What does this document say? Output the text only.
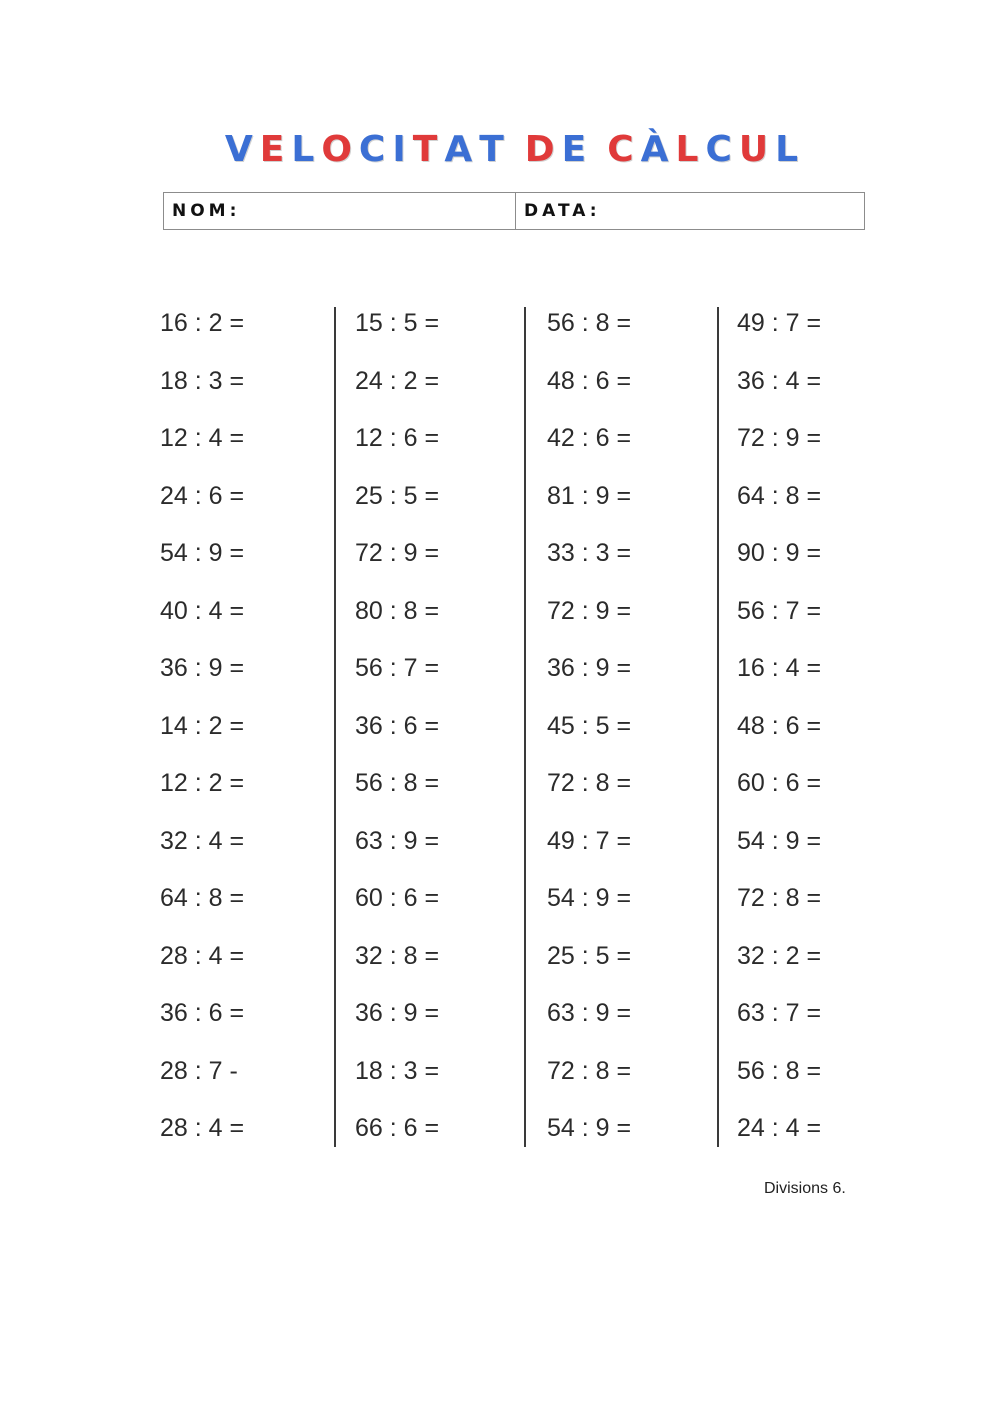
VELOCITAT DE CÀLCUL
NOM:	DATA:
16 : 2 =
18 : 3 =
12 : 4 =
24 : 6 =
54 : 9 =
40 : 4 =
36 : 9 =
14 : 2 =
12 : 2 =
32 : 4 =
64 : 8 =
28 : 4 =
36 : 6 =
28 : 7 -
28 : 4 =
15 : 5 =
24 : 2 =
12 : 6 =
25 : 5 =
72 : 9 =
80 : 8 =
56 : 7 =
36 : 6 =
56 : 8 =
63 : 9 =
60 : 6 =
32 : 8 =
36 : 9 =
18 : 3 =
66 : 6 =
56 : 8 =
48 : 6 =
42 : 6 =
81 : 9 =
33 : 3 =
72 : 9 =
36 : 9 =
45 : 5 =
72 : 8 =
49 : 7 =
54 : 9 =
25 : 5 =
63 : 9 =
72 : 8 =
54 : 9 =
49 : 7 =
36 : 4 =
72 : 9 =
64 : 8 =
90 : 9 =
56 : 7 =
16 : 4 =
48 : 6 =
60 : 6 =
54 : 9 =
72 : 8 =
32 : 2 =
63 : 7 =
56 : 8 =
24 : 4 =
Divisions 6.
